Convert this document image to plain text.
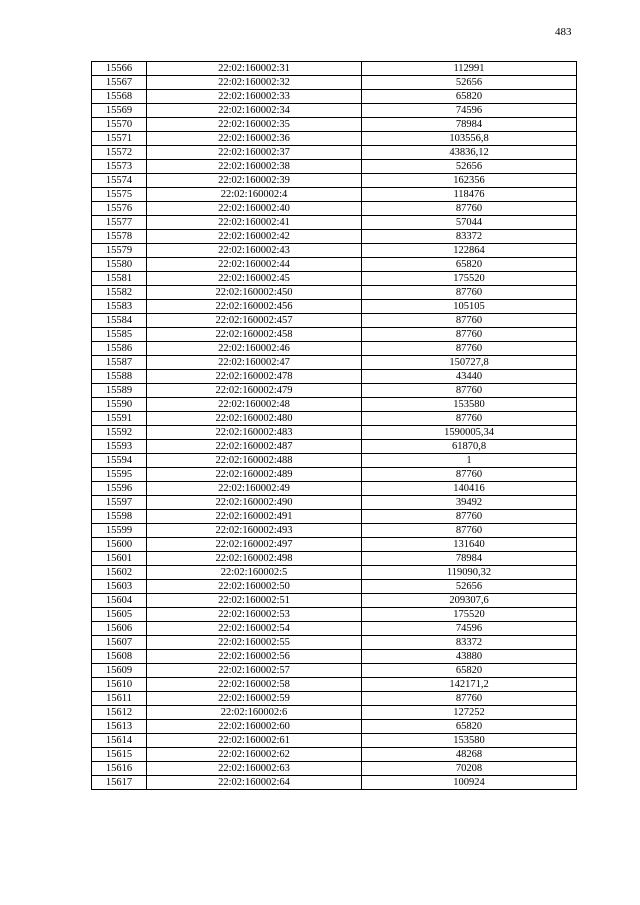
483
15566	22:02:160002:31	112991
15567	22:02:160002:32	52656
15568	22:02:160002:33	65820
15569	22:02:160002:34	74596
15570	22:02:160002:35	78984
15571	22:02:160002:36	103556,8
15572	22:02:160002:37	43836,12
15573	22:02:160002:38	52656
15574	22:02:160002:39	162356
15575	22:02:160002:4	118476
15576	22:02:160002:40	87760
15577	22:02:160002:41	57044
15578	22:02:160002:42	83372
15579	22:02:160002:43	122864
15580	22:02:160002:44	65820
15581	22:02:160002:45	175520
15582	22:02:160002:450	87760
15583	22:02:160002:456	105105
15584	22:02:160002:457	87760
15585	22:02:160002:458	87760
15586	22:02:160002:46	87760
15587	22:02:160002:47	150727,8
15588	22:02:160002:478	43440
15589	22:02:160002:479	87760
15590	22:02:160002:48	153580
15591	22:02:160002:480	87760
15592	22:02:160002:483	1590005,34
15593	22:02:160002:487	61870,8
15594	22:02:160002:488	1
15595	22:02:160002:489	87760
15596	22:02:160002:49	140416
15597	22:02:160002:490	39492
15598	22:02:160002:491	87760
15599	22:02:160002:493	87760
15600	22:02:160002:497	131640
15601	22:02:160002:498	78984
15602	22:02:160002:5	119090,32
15603	22:02:160002:50	52656
15604	22:02:160002:51	209307,6
15605	22:02:160002:53	175520
15606	22:02:160002:54	74596
15607	22:02:160002:55	83372
15608	22:02:160002:56	43880
15609	22:02:160002:57	65820
15610	22:02:160002:58	142171,2
15611	22:02:160002:59	87760
15612	22:02:160002:6	127252
15613	22:02:160002:60	65820
15614	22:02:160002:61	153580
15615	22:02:160002:62	48268
15616	22:02:160002:63	70208
15617	22:02:160002:64	100924
